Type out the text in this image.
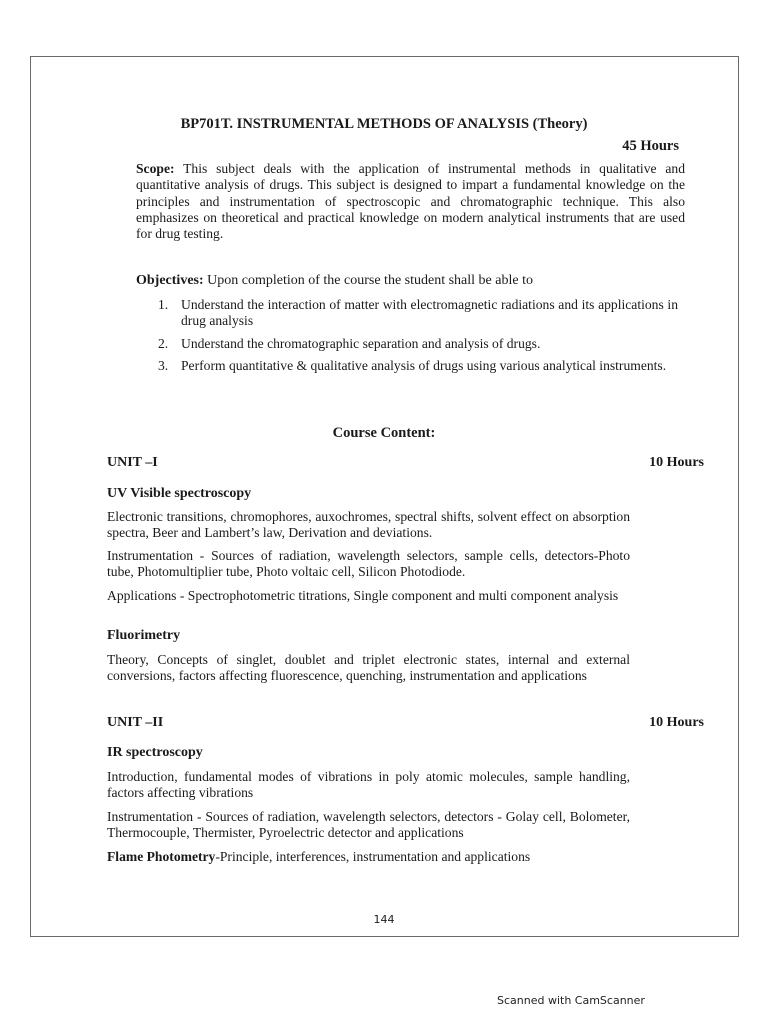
BP701T. INSTRUMENTAL METHODS OF ANALYSIS (Theory)
45 Hours
Scope: This subject deals with the application of instrumental methods in qualitative and quantitative analysis of drugs. This subject is designed to impart a fundamental knowledge on the principles and instrumentation of spectroscopic and chromatographic technique. This also emphasizes on theoretical and practical knowledge on modern analytical instruments that are used for drug testing.
Objectives: Upon completion of the course the student shall be able to
1. Understand the interaction of matter with electromagnetic radiations and its applications in drug analysis
2. Understand the chromatographic separation and analysis of drugs.
3. Perform quantitative & qualitative analysis of drugs using various analytical instruments.
Course Content:
UNIT –I	10 Hours
UV Visible spectroscopy
Electronic transitions, chromophores, auxochromes, spectral shifts, solvent effect on absorption spectra, Beer and Lambert’s law, Derivation and deviations.
Instrumentation - Sources of radiation, wavelength selectors, sample cells, detectors-Photo tube, Photomultiplier tube, Photo voltaic cell, Silicon Photodiode.
Applications - Spectrophotometric titrations, Single component and multi component analysis
Fluorimetry
Theory, Concepts of singlet, doublet and triplet electronic states, internal and external conversions, factors affecting fluorescence, quenching, instrumentation and applications
UNIT –II	10 Hours
IR spectroscopy
Introduction, fundamental modes of vibrations in poly atomic molecules, sample handling, factors affecting vibrations
Instrumentation - Sources of radiation, wavelength selectors, detectors - Golay cell, Bolometer, Thermocouple, Thermister, Pyroelectric detector and applications
Flame Photometry-Principle, interferences, instrumentation and applications
144
Scanned with CamScanner
